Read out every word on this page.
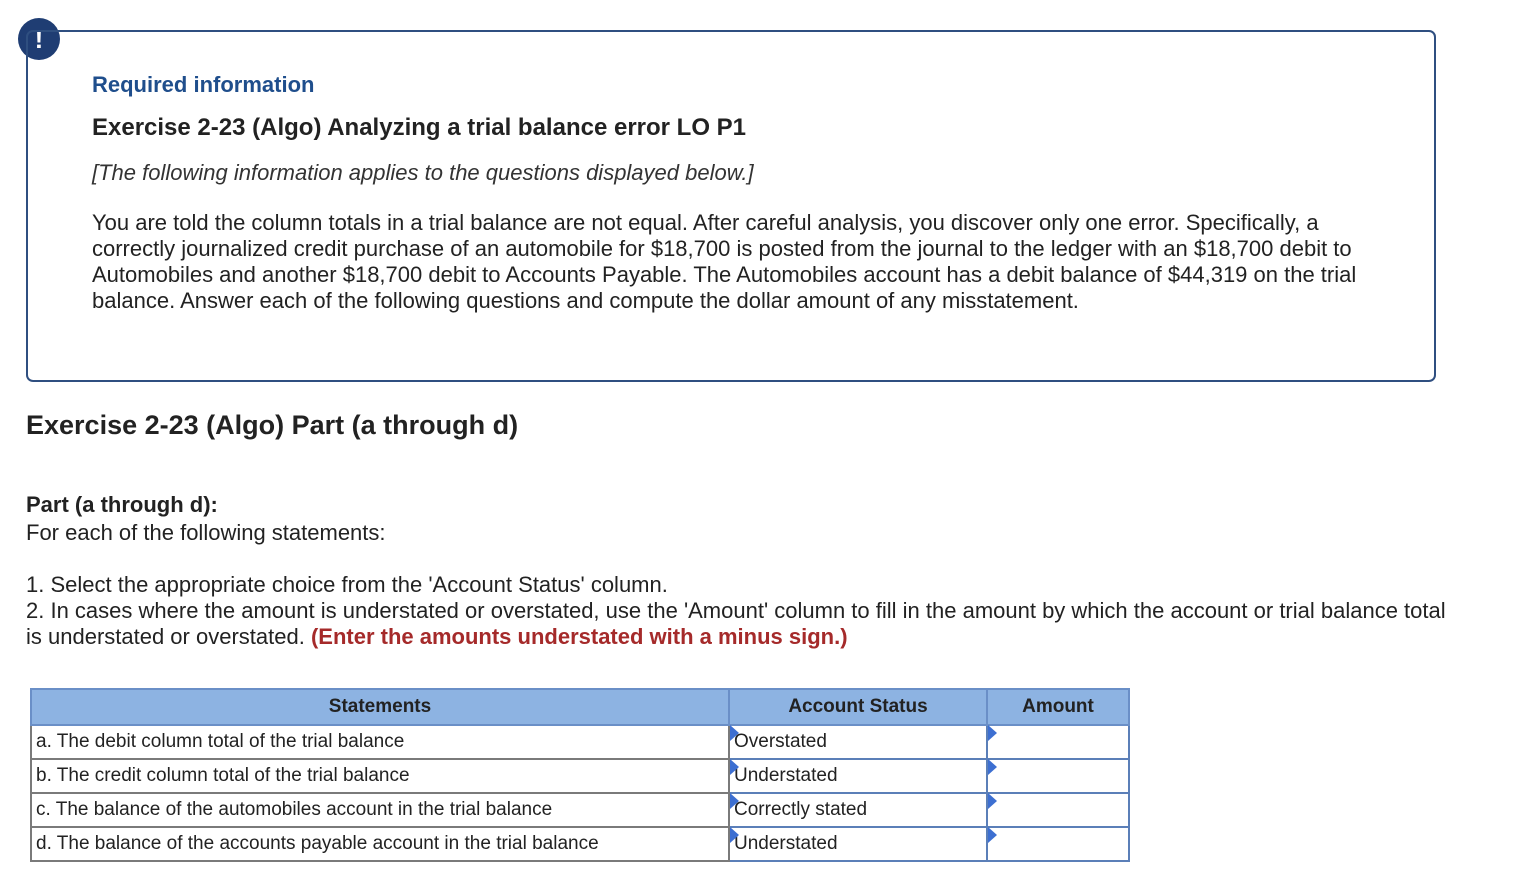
!
Required information
Exercise 2-23 (Algo) Analyzing a trial balance error LO P1
[The following information applies to the questions displayed below.]
You are told the column totals in a trial balance are not equal. After careful analysis, you discover only one error. Specifically, a correctly journalized credit purchase of an automobile for $18,700 is posted from the journal to the ledger with an $18,700 debit to Automobiles and another $18,700 debit to Accounts Payable. The Automobiles account has a debit balance of $44,319 on the trial balance. Answer each of the following questions and compute the dollar amount of any misstatement.
Exercise 2-23 (Algo) Part (a through d)
Part (a through d):
For each of the following statements:

1. Select the appropriate choice from the 'Account Status' column.

2. In cases where the amount is understated or overstated, use the 'Amount' column to fill in the amount by which the account or trial balance total is understated or overstated. (Enter the amounts understated with a minus sign.)

Statements	Account Status	Amount
a. The debit column total of the trial balance	Overstated	

b. The credit column total of the trial balance	Understated	

c. The balance of the automobiles account in the trial balance	Correctly stated	

d. The balance of the accounts payable account in the trial balance	Understated	
